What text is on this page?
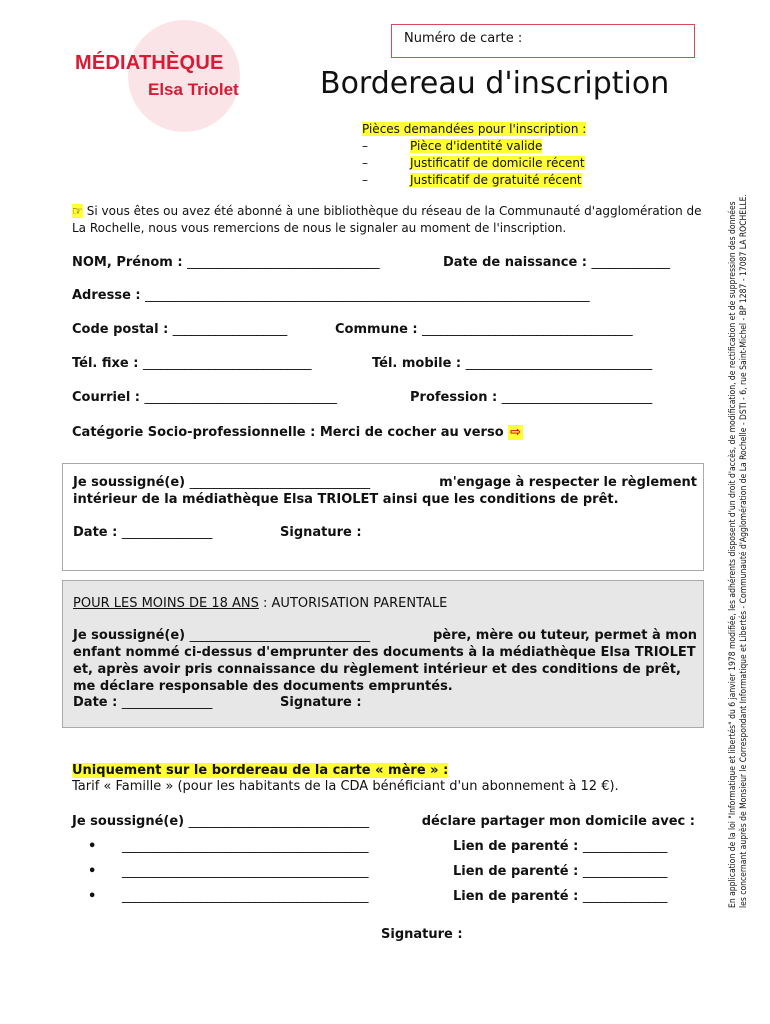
MÉDIATHÈQUE
Elsa Triolet
Numéro de carte :
Bordereau d'inscription
Pièces demandées pour l'inscription :
–	Pièce d'identité valide
–	Justificatif de domicile récent
–	Justificatif de gratuité récent
☞ Si vous êtes ou avez été abonné à une bibliothèque du réseau de la Communauté d'agglomération de La Rochelle, nous vous remercions de nous le signaler au moment de l'inscription.
NOM, Prénom : ________________________________	Date de naissance : _____________
Adresse : __________________________________________________________________________
Code postal : ___________________	Commune : ___________________________________
Tél. fixe : ____________________________	Tél. mobile : _______________________________
Courriel : ________________________________	Profession : _________________________
Catégorie Socio-professionnelle : Merci de cocher au verso ⇨
Je soussigné(e) ______________________________	m'engage à respecter le règlement
intérieur de la médiathèque Elsa TRIOLET ainsi que les conditions de prêt.
Date : _______________	Signature :
POUR LES MOINS DE 18 ANS : AUTORISATION PARENTALE
Je soussigné(e) ______________________________	père, mère ou tuteur, permet à mon
enfant nommé ci-dessus d'emprunter des documents à la médiathèque Elsa TRIOLET
et, après avoir pris connaissance du règlement intérieur et des conditions de prêt,
me déclare responsable des documents empruntés.
Date : _______________	Signature :
Uniquement sur le bordereau de la carte « mère » :
Tarif « Famille » (pour les habitants de la CDA bénéficiant d'un abonnement à 12 €).
Je soussigné(e) ______________________________	déclare partager mon domicile avec :
• _________________________________________	Lien de parenté : ______________
• _________________________________________	Lien de parenté : ______________
• _________________________________________	Lien de parenté : ______________
Signature :
En application de la loi "Informatique et libertés" du 6 janvier 1978 modifiée, les adhérents disposent d'un droit d'accès, de modification, de rectification et de suppression des données les concernant auprès de Monsieur le Correspondant Informatique et Libertés - Communauté d'Agglomération de La Rochelle - DSTI - 6, rue Saint-Michel - BP 1287 - 17087 LA ROCHELLE.
